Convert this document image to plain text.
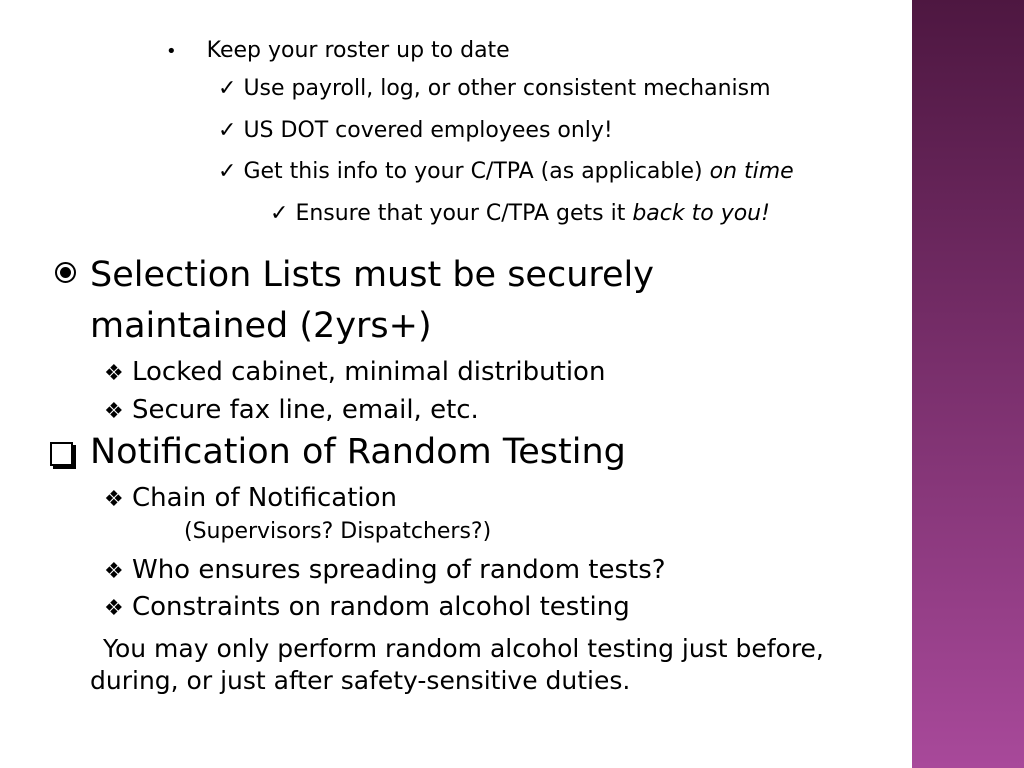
• Keep your roster up to date
✓ Use payroll, log, or other consistent mechanism
✓ US DOT covered employees only!
✓ Get this info to your C/TPA (as applicable) on time
✓ Ensure that your C/TPA gets it back to you!
Selection Lists must be securely
maintained (2yrs+)
❖ Locked cabinet, minimal distribution
❖ Secure fax line, email, etc.
Notification of Random Testing
❖ Chain of Notification
(Supervisors? Dispatchers?)
❖ Who ensures spreading of random tests?
❖ Constraints on random alcohol testing
You may only perform random alcohol testing just before,
during, or just after safety-sensitive duties.
